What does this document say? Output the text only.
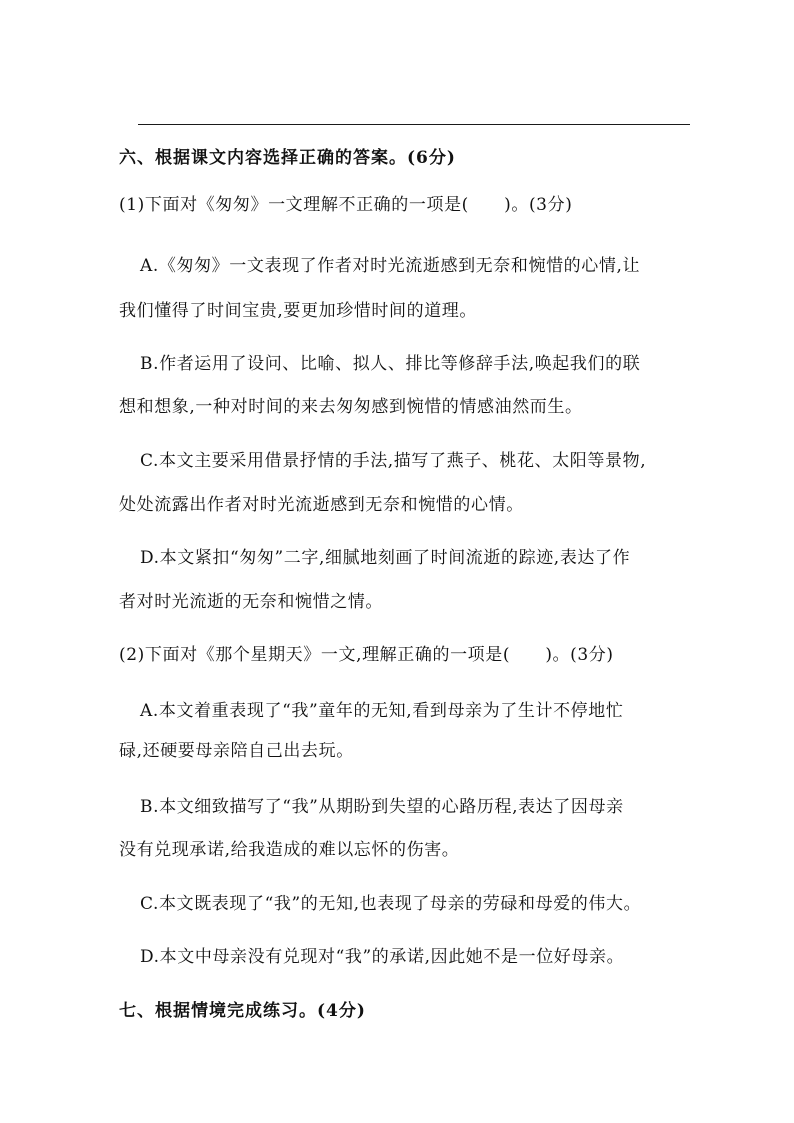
六、根据课文内容选择正确的答案。(6分)
(1)下面对《匆匆》一文理解不正确的一项是(　　)。(3分)
A.《匆匆》一文表现了作者对时光流逝感到无奈和惋惜的心情,让
我们懂得了时间宝贵,要更加珍惜时间的道理。
B.作者运用了设问、比喻、拟人、排比等修辞手法,唤起我们的联
想和想象,一种对时间的来去匆匆感到惋惜的情感油然而生。
C.本文主要采用借景抒情的手法,描写了燕子、桃花、太阳等景物,
处处流露出作者对时光流逝感到无奈和惋惜的心情。
D.本文紧扣“匆匆”二字,细腻地刻画了时间流逝的踪迹,表达了作
者对时光流逝的无奈和惋惜之情。
(2)下面对《那个星期天》一文,理解正确的一项是(　　)。(3分)
A.本文着重表现了“我”童年的无知,看到母亲为了生计不停地忙
碌,还硬要母亲陪自己出去玩。
B.本文细致描写了“我”从期盼到失望的心路历程,表达了因母亲
没有兑现承诺,给我造成的难以忘怀的伤害。
C.本文既表现了“我”的无知,也表现了母亲的劳碌和母爱的伟大。
D.本文中母亲没有兑现对“我”的承诺,因此她不是一位好母亲。
七、根据情境完成练习。(4分)
